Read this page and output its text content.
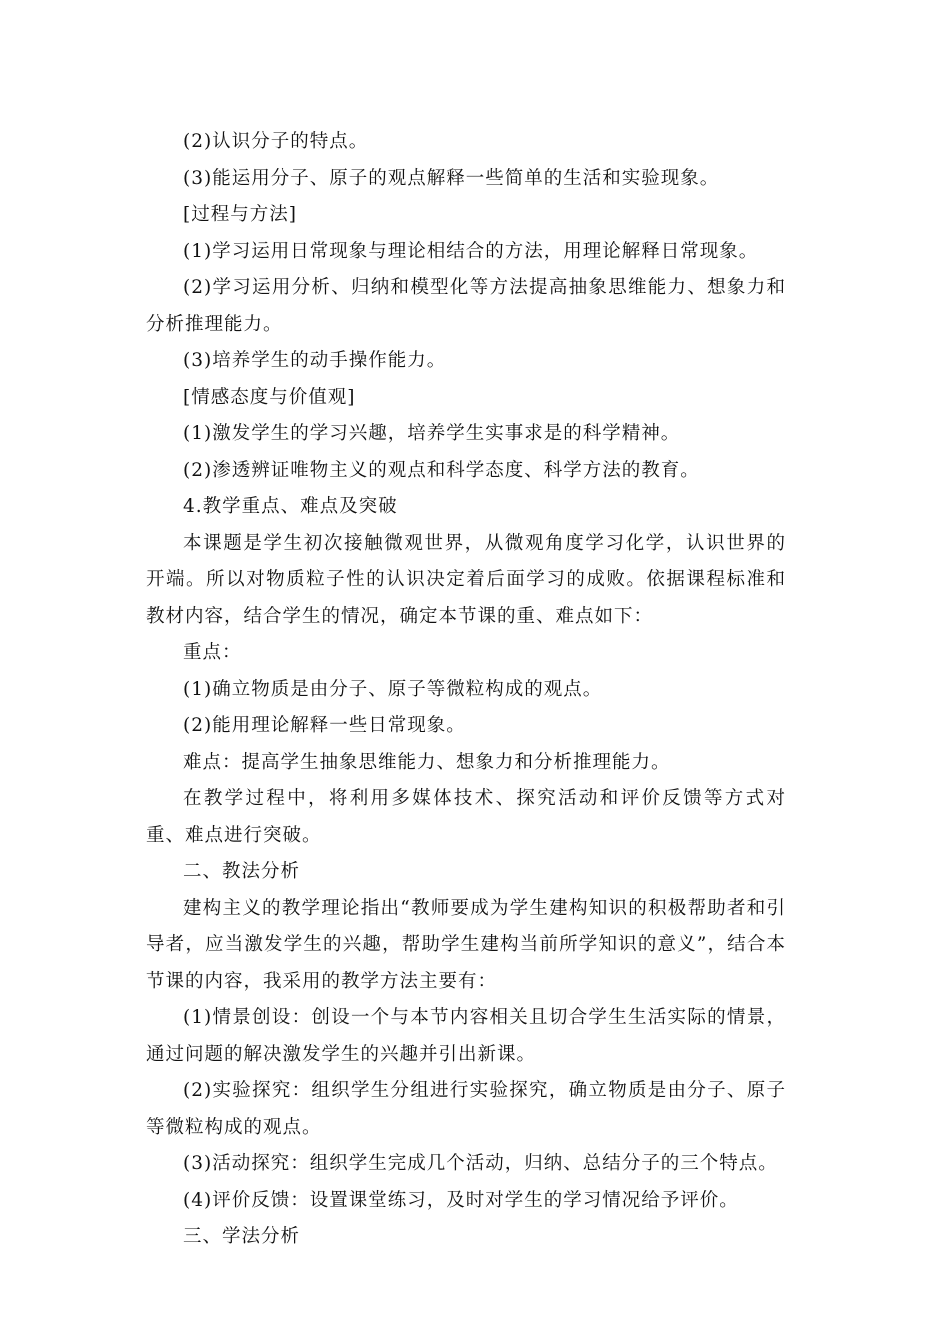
(2)认识分子的特点。

(3)能运用分子、原子的观点解释一些简单的生活和实验现象。

[过程与方法]

(1)学习运用日常现象与理论相结合的方法，用理论解释日常现象。

(2)学习运用分析、归纳和模型化等方法提高抽象思维能力、想象力和分析推理能力。

(3)培养学生的动手操作能力。

[情感态度与价值观]

(1)激发学生的学习兴趣，培养学生实事求是的科学精神。

(2)渗透辨证唯物主义的观点和科学态度、科学方法的教育。

4.教学重点、难点及突破

本课题是学生初次接触微观世界，从微观角度学习化学，认识世界的开端。所以对物质粒子性的认识决定着后面学习的成败。依据课程标准和教材内容，结合学生的情况，确定本节课的重、难点如下：

重点：

(1)确立物质是由分子、原子等微粒构成的观点。

(2)能用理论解释一些日常现象。

难点：提高学生抽象思维能力、想象力和分析推理能力。

在教学过程中，将利用多媒体技术、探究活动和评价反馈等方式对重、难点进行突破。

二、教法分析

建构主义的教学理论指出“教师要成为学生建构知识的积极帮助者和引导者，应当激发学生的兴趣，帮助学生建构当前所学知识的意义”，结合本节课的内容，我采用的教学方法主要有：

(1)情景创设：创设一个与本节内容相关且切合学生生活实际的情景，通过问题的解决激发学生的兴趣并引出新课。

(2)实验探究：组织学生分组进行实验探究，确立物质是由分子、原子等微粒构成的观点。

(3)活动探究：组织学生完成几个活动，归纳、总结分子的三个特点。

(4)评价反馈：设置课堂练习，及时对学生的学习情况给予评价。

三、学法分析
